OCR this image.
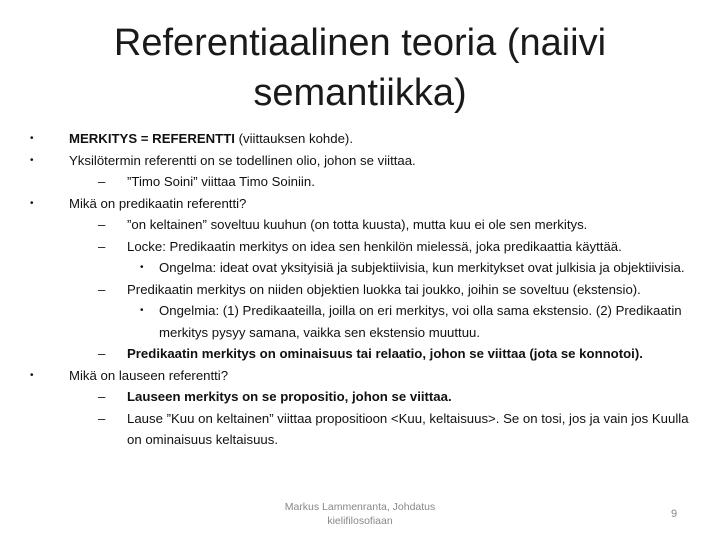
Referentiaalinen teoria (naiivi
semantiikka)
•	MERKITYS = REFERENTTI (viittauksen kohde).
•	Yksilötermin referentti on se todellinen olio, johon se viittaa.
– ”Timo Soini” viittaa Timo Soiniin.
•	Mikä on predikaatin referentti?
– ”on keltainen” soveltuu kuuhun (on totta kuusta), mutta kuu ei ole sen merkitys.
– Locke: Predikaatin merkitys on idea sen henkilön mielessä, joka predikaattia käyttää.
• Ongelma: ideat ovat yksityisiä ja subjektiivisia, kun merkitykset ovat julkisia ja objektiivisia.
– Predikaatin merkitys on niiden objektien luokka tai joukko, joihin se soveltuu (ekstensio).
• Ongelmia: (1) Predikaateilla, joilla on eri merkitys, voi olla sama ekstensio. (2) Predikaatin merkitys pysyy samana, vaikka sen ekstensio muuttuu.
– Predikaatin merkitys on ominaisuus tai relaatio, johon se viittaa (jota se konnotoi).
•	Mikä on lauseen referentti?
– Lauseen merkitys on se propositio, johon se viittaa.
– Lause ”Kuu on keltainen” viittaa propositioon <Kuu, keltaisuus>. Se on tosi, jos ja vain jos Kuulla on ominaisuus keltaisuus.
Markus Lammenranta, Johdatus
kielifilosofiaan
9
